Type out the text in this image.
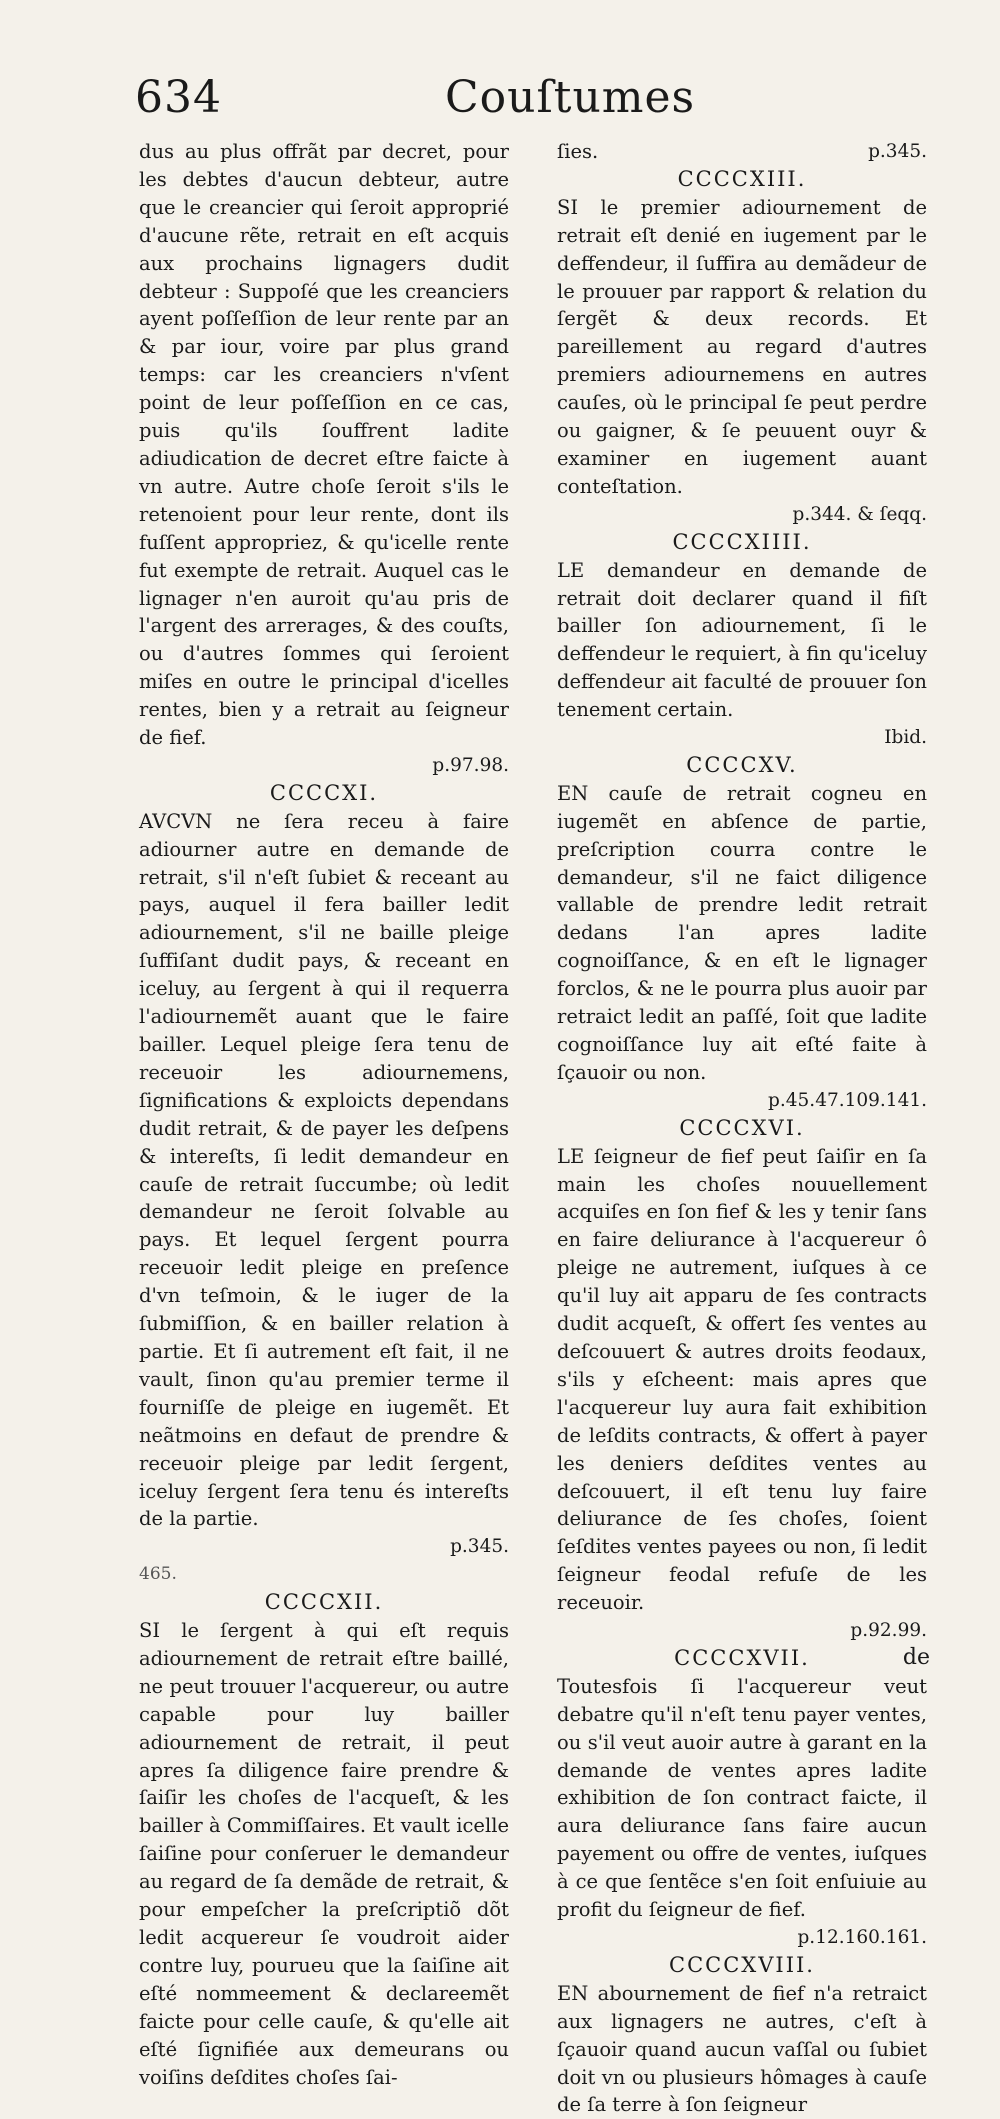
634	Couſtumes
dus au plus offrãt par decret, pour les debtes d'aucun debteur, autre que le creancier qui ſeroit approprié d'aucune rẽte, retrait en eſt acquis aux prochains lignagers dudit debteur : Suppoſé que les creanciers ayent poſſeſſion de leur rente par an & par iour, voire par plus grand temps: car les creanciers n'vſent point de leur poſſeſſion en ce cas, puis qu'ils ſouffrent ladite adiudication de decret eſtre faicte à vn autre. Autre choſe ſeroit s'ils le retenoient pour leur rente, dont ils fuſſent appropriez, & qu'icelle rente fut exempte de retrait. Auquel cas le lignager n'en auroit qu'au pris de l'argent des arrerages, & des couſts, ou d'autres ſommes qui ſeroient miſes en outre le principal d'icelles rentes, bien y a retrait au ſeigneur de fief.
p.97.98.
CCCCXI.
AVCVN ne ſera receu à faire adiourner autre en demande de retrait, s'il n'eſt ſubiet & receant au pays, auquel il fera bailler ledit adiournement, s'il ne baille pleige ſuffiſant dudit pays, & receant en iceluy, au ſergent à qui il requerra l'adiournemẽt auant que le faire bailler. Lequel pleige ſera tenu de receuoir les adiournemens, ſignifications & exploicts dependans dudit retrait, & de payer les deſpens & intereſts, ſi ledit demandeur en cauſe de retrait ſuccumbe; où ledit demandeur ne ſeroit ſolvable au pays. Et lequel ſergent pourra receuoir ledit pleige en preſence d'vn teſmoin, & le iuger de la ſubmiſſion, & en bailler relation à partie. Et ſi autrement eſt fait, il ne vault, ſinon qu'au premier terme il fourniſſe de pleige en iugemẽt. Et neãtmoins en defaut de prendre & receuoir pleige par ledit ſergent, iceluy ſergent ſera tenu és intereſts de la partie.
p.345.
465.
CCCCXII.
SI le ſergent à qui eſt requis adiournement de retrait eſtre baillé, ne peut trouuer l'acquereur, ou autre capable pour luy bailler adiournement de retrait, il peut apres ſa diligence faire prendre & ſaiſir les choſes de l'acqueſt, & les bailler à Commiſſaires. Et vault icelle ſaiſine pour conſeruer le demandeur au regard de ſa demãde de retrait, & pour empeſcher la preſcriptiõ dõt ledit acquereur ſe voudroit aider contre luy, pourueu que la ſaiſine ait eſté nommeement & declareemẽt faicte pour celle cauſe, & qu'elle ait eſté ſignifiée aux demeurans ou voiſins deſdites choſes ſai-
ſies.	p.345.
CCCCXIII.
SI le premier adiournement de retrait eſt denié en iugement par le deffendeur, il ſuffira au demãdeur de le prouuer par rapport & relation du ſergẽt & deux records. Et pareillement au regard d'autres premiers adiournemens en autres cauſes, où le principal ſe peut perdre ou gaigner, & ſe peuuent ouyr & examiner en iugement auant conteſtation.
p.344. & ſeqq.
CCCCXIIII.
LE demandeur en demande de retrait doit declarer quand il fiſt bailler ſon adiournement, ſi le deffendeur le requiert, à fin qu'iceluy deffendeur ait faculté de prouuer ſon tenement certain.
Ibid.
CCCCXV.
EN cauſe de retrait cogneu en iugemẽt en abſence de partie, preſcription courra contre le demandeur, s'il ne faict diligence vallable de prendre ledit retrait dedans l'an apres ladite cognoiſſance, & en eſt le lignager forclos, & ne le pourra plus auoir par retraict ledit an paſſé, ſoit que ladite cognoiſſance luy ait eſté faite à ſçauoir ou non.
p.45.47.109.141.
CCCCXVI.
LE ſeigneur de fief peut ſaiſir en ſa main les choſes nouuellement acquiſes en ſon fief & les y tenir ſans en faire deliurance à l'acquereur ô pleige ne autrement, iuſques à ce qu'il luy ait apparu de ſes contracts dudit acqueſt, & offert ſes ventes au deſcouuert & autres droits feodaux, s'ils y eſcheent: mais apres que l'acquereur luy aura fait exhibition de leſdits contracts, & offert à payer les deniers deſdites ventes au deſcouuert, il eſt tenu luy faire deliurance de ſes choſes, ſoient ſeſdites ventes payees ou non, ſi ledit ſeigneur feodal refuſe de les receuoir.
p.92.99.
CCCCXVII.
Toutesfois ſi l'acquereur veut debatre qu'il n'eſt tenu payer ventes, ou s'il veut auoir autre à garant en la demande de ventes apres ladite exhibition de ſon contract faicte, il aura deliurance ſans faire aucun payement ou offre de ventes, iuſques à ce que ſentẽce s'en ſoit enſuiuie au profit du ſeigneur de fief.
p.12.160.161.
CCCCXVIII.
EN abournement de fief n'a retraict aux lignagers ne autres, c'eſt à ſçauoir quand aucun vaſſal ou ſubiet doit vn ou plusieurs hômages à cauſe de ſa terre à ſon ſeigneur
de
